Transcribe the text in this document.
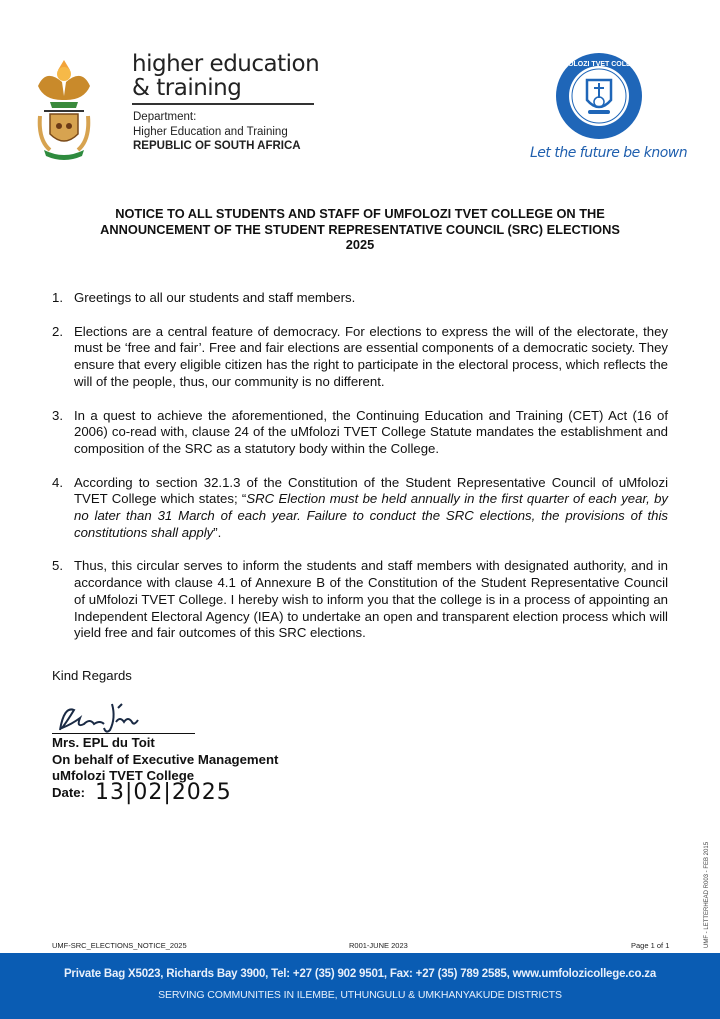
higher education
& training
Department:
Higher Education and Training
REPUBLIC OF SOUTH AFRICA
UMFOLOZI TVET COLLEGE
Let the future be known
NOTICE TO ALL STUDENTS AND STAFF OF UMFOLOZI TVET COLLEGE ON THE
ANNOUNCEMENT OF THE STUDENT REPRESENTATIVE COUNCIL (SRC) ELECTIONS
2025
1. Greetings to all our students and staff members.
2. Elections are a central feature of democracy. For elections to express the will of the electorate, they must be ‘free and fair’. Free and fair elections are essential components of a democratic society. They ensure that every eligible citizen has the right to participate in the electoral process, which reflects the will of the people, thus, our community is no different.
3. In a quest to achieve the aforementioned, the Continuing Education and Training (CET) Act (16 of 2006) co-read with, clause 24 of the uMfolozi TVET College Statute mandates the establishment and composition of the SRC as a statutory body within the College.
4. According to section 32.1.3 of the Constitution of the Student Representative Council of uMfolozi TVET College which states; “SRC Election must be held annually in the first quarter of each year, by no later than 31 March of each year. Failure to conduct the SRC elections, the provisions of this constitutions shall apply”.
5. Thus, this circular serves to inform the students and staff members with designated authority, and in accordance with clause 4.1 of Annexure B of the Constitution of the Student Representative Council of uMfolozi TVET College. I hereby wish to inform you that the college is in a process of appointing an Independent Electoral Agency (IEA) to undertake an open and transparent election process which will yield free and fair outcomes of this SRC elections.
Kind Regards
Mrs. EPL du Toit
On behalf of Executive Management
uMfolozi TVET College
Date: 13|02|2025
UMF-SRC_ELECTIONS_NOTICE_2025	R001-JUNE 2023	Page 1 of 1	UMF - LETTERHEAD R003 - FEB 2015
Private Bag X5023, Richards Bay 3900, Tel: +27 (35) 902 9501, Fax: +27 (35) 789 2585, www.umfolozicollege.co.za
SERVING COMMUNITIES IN ILEMBE, UTHUNGULU & UMKHANYAKUDE DISTRICTS
